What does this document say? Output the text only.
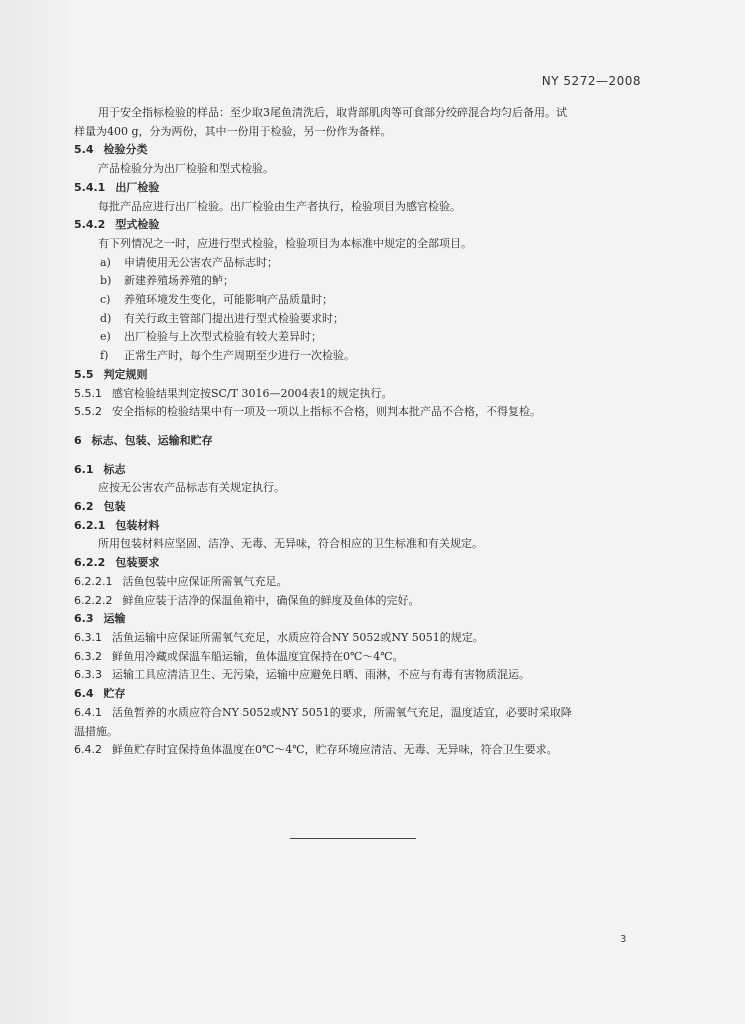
NY 5272—2008
用于安全指标检验的样品：至少取3尾鱼清洗后，取背部肌肉等可食部分绞碎混合均匀后备用。试
样量为400 g，分为两份，其中一份用于检验，另一份作为备样。
5.4 检验分类
产品检验分为出厂检验和型式检验。
5.4.1 出厂检验
每批产品应进行出厂检验。出厂检验由生产者执行，检验项目为感官检验。
5.4.2 型式检验
有下列情况之一时，应进行型式检验，检验项目为本标准中规定的全部项目。
a) 申请使用无公害农产品标志时；
b) 新建养殖场养殖的鲈；
c) 养殖环境发生变化，可能影响产品质量时；
d) 有关行政主管部门提出进行型式检验要求时；
e) 出厂检验与上次型式检验有较大差异时；
f) 正常生产时，每个生产周期至少进行一次检验。
5.5 判定规则
5.5.1 感官检验结果判定按SC/T 3016—2004表1的规定执行。
5.5.2 安全指标的检验结果中有一项及一项以上指标不合格，则判本批产品不合格，不得复检。
6 标志、包装、运输和贮存
6.1 标志
应按无公害农产品标志有关规定执行。
6.2 包装
6.2.1 包装材料
所用包装材料应坚固、洁净、无毒、无异味，符合相应的卫生标准和有关规定。
6.2.2 包装要求
6.2.2.1 活鱼包装中应保证所需氧气充足。
6.2.2.2 鲜鱼应装于洁净的保温鱼箱中，确保鱼的鲜度及鱼体的完好。
6.3 运输
6.3.1 活鱼运输中应保证所需氧气充足，水质应符合NY 5052或NY 5051的规定。
6.3.2 鲜鱼用冷藏或保温车船运输，鱼体温度宜保持在0℃～4℃。
6.3.3 运输工具应清洁卫生、无污染，运输中应避免日晒、雨淋，不应与有毒有害物质混运。
6.4 贮存
6.4.1 活鱼暂养的水质应符合NY 5052或NY 5051的要求，所需氧气充足，温度适宜，必要时采取降
温措施。
6.4.2 鲜鱼贮存时宜保持鱼体温度在0℃～4℃，贮存环境应清洁、无毒、无异味，符合卫生要求。
3
